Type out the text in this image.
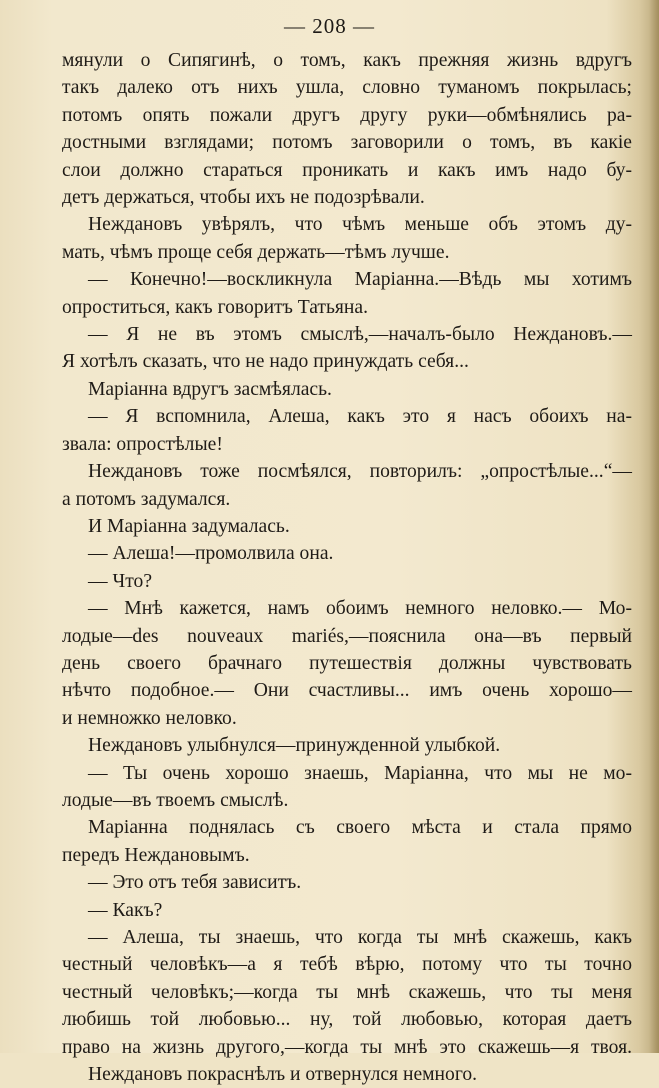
— 208 —
мянули о Сипягинѣ, о томъ, какъ прежняя жизнь вдругъ
такъ далеко отъ нихъ ушла, словно туманомъ покрылась;
потомъ опять пожали другъ другу руки—обмѣнялись ра-
достными взглядами; потомъ заговорили о томъ, въ какіе
слои должно стараться проникать и какъ имъ надо бу-
детъ держаться, чтобы ихъ не подозрѣвали.
Неждановъ увѣрялъ, что чѣмъ меньше объ этомъ ду-
мать, чѣмъ проще себя держать—тѣмъ лучше.
— Конечно!—воскликнула Маріанна.—Вѣдь мы хотимъ
опроститься, какъ говоритъ Татьяна.
— Я не въ этомъ смыслѣ,—началъ-было Неждановъ.—
Я хотѣлъ сказать, что не надо принуждать себя...
Маріанна вдругъ засмѣялась.
— Я вспомнила, Алеша, какъ это я насъ обоихъ на-
звала: опростѣлые!
Неждановъ тоже посмѣялся, повторилъ: „опростѣлые...“—
а потомъ задумался.
И Маріанна задумалась.
— Алеша!—промолвила она.
— Что?
— Мнѣ кажется, намъ обоимъ немного неловко.— Мо-
лодые—des nouveaux mariés,—пояснила она—въ первый
день своего брачнаго путешествія должны чувствовать
нѣчто подобное.— Они счастливы... имъ очень хорошо—
и немножко неловко.
Неждановъ улыбнулся—принужденной улыбкой.
— Ты очень хорошо знаешь, Маріанна, что мы не мо-
лодые—въ твоемъ смыслѣ.
Маріанна поднялась съ своего мѣста и стала прямо
передъ Неждановымъ.
— Это отъ тебя зависитъ.
— Какъ?
— Алеша, ты знаешь, что когда ты мнѣ скажешь, какъ
честный человѣкъ—а я тебѣ вѣрю, потому что ты точно
честный человѣкъ;—когда ты мнѣ скажешь, что ты меня
любишь той любовью... ну, той любовью, которая даетъ
право на жизнь другого,—когда ты мнѣ это скажешь—я твоя.
Неждановъ покраснѣлъ и отвернулся немного.
